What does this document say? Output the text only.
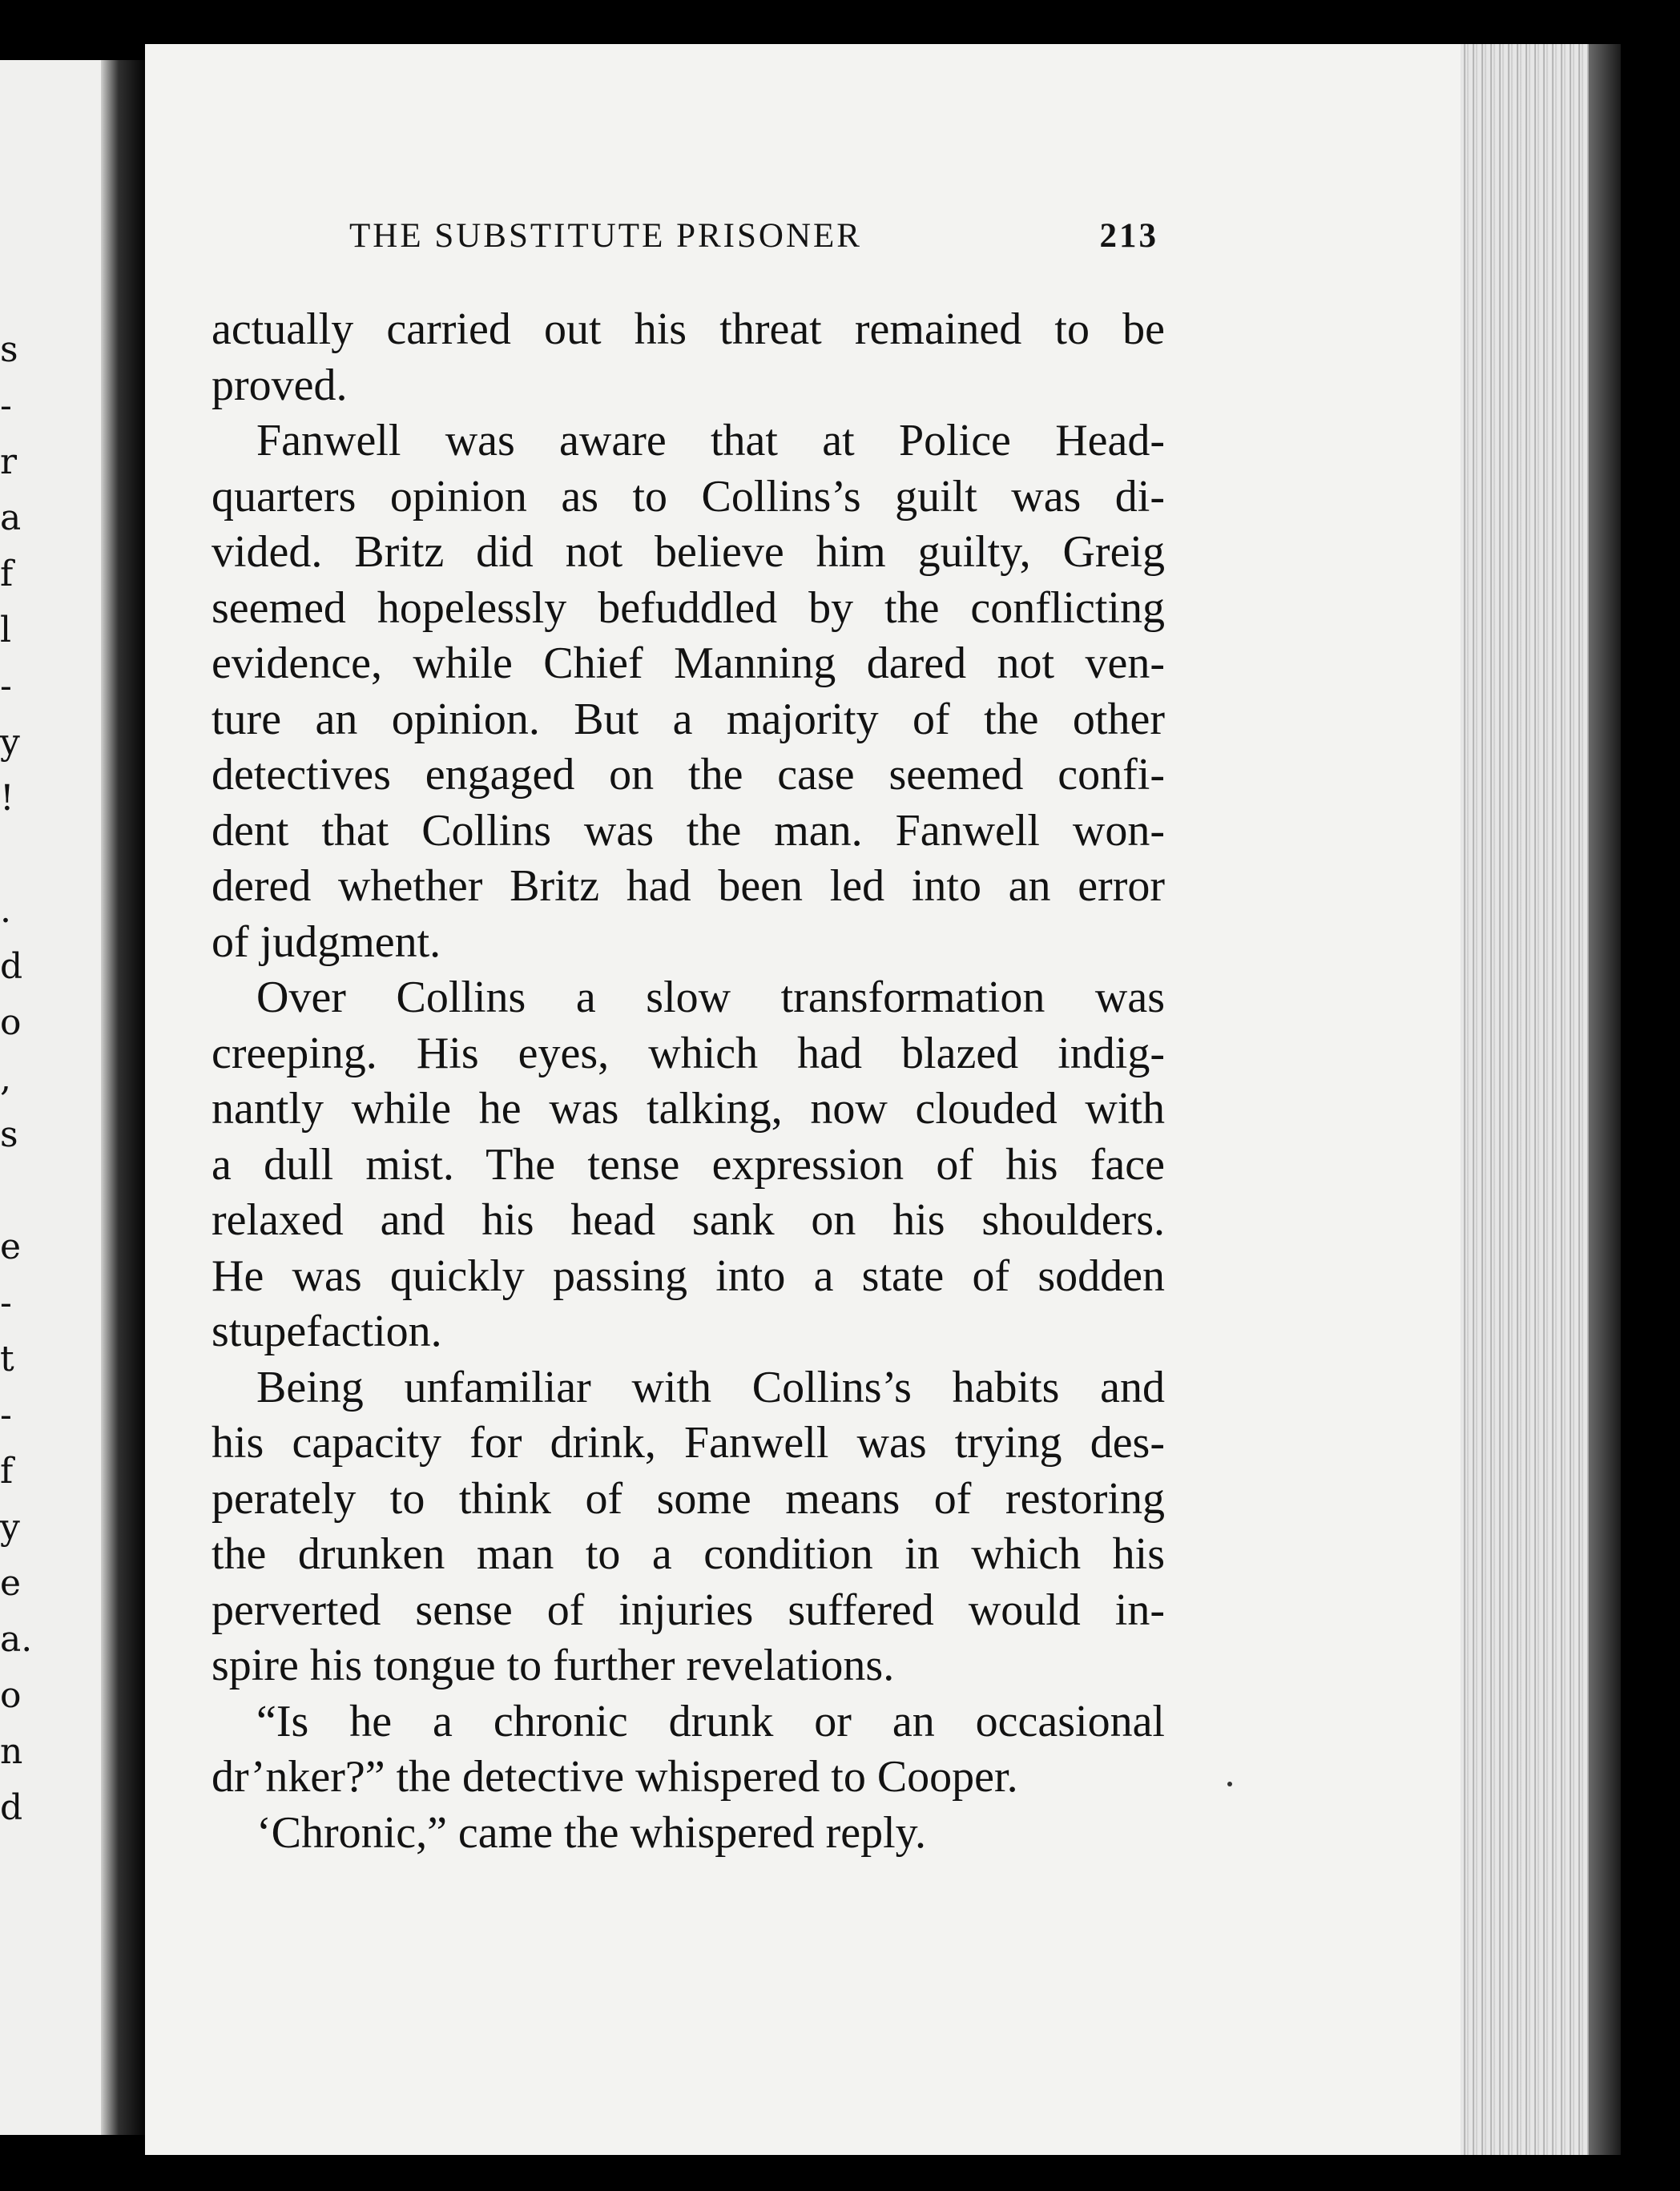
s
-
r
a
f
l
-
y
!
.
d
o
,
s
e
-
t
-
f
y
e
a.
o
n
d
THE SUBSTITUTE PRISONER	213
actually carried out his threat remained to be
proved.
Fanwell was aware that at Police Head-
quarters opinion as to Collins’s guilt was di-
vided. Britz did not believe him guilty, Greig
seemed hopelessly befuddled by the conflicting
evidence, while Chief Manning dared not ven-
ture an opinion. But a majority of the other
detectives engaged on the case seemed confi-
dent that Collins was the man. Fanwell won-
dered whether Britz had been led into an error
of judgment.
Over Collins a slow transformation was
creeping. His eyes, which had blazed indig-
nantly while he was talking, now clouded with
a dull mist. The tense expression of his face
relaxed and his head sank on his shoulders.
He was quickly passing into a state of sodden
stupefaction.
Being unfamiliar with Collins’s habits and
his capacity for drink, Fanwell was trying des-
perately to think of some means of restoring
the drunken man to a condition in which his
perverted sense of injuries suffered would in-
spire his tongue to further revelations.
“Is he a chronic drunk or an occasional
dr’nker?” the detective whispered to Cooper.
‘Chronic,” came the whispered reply.
